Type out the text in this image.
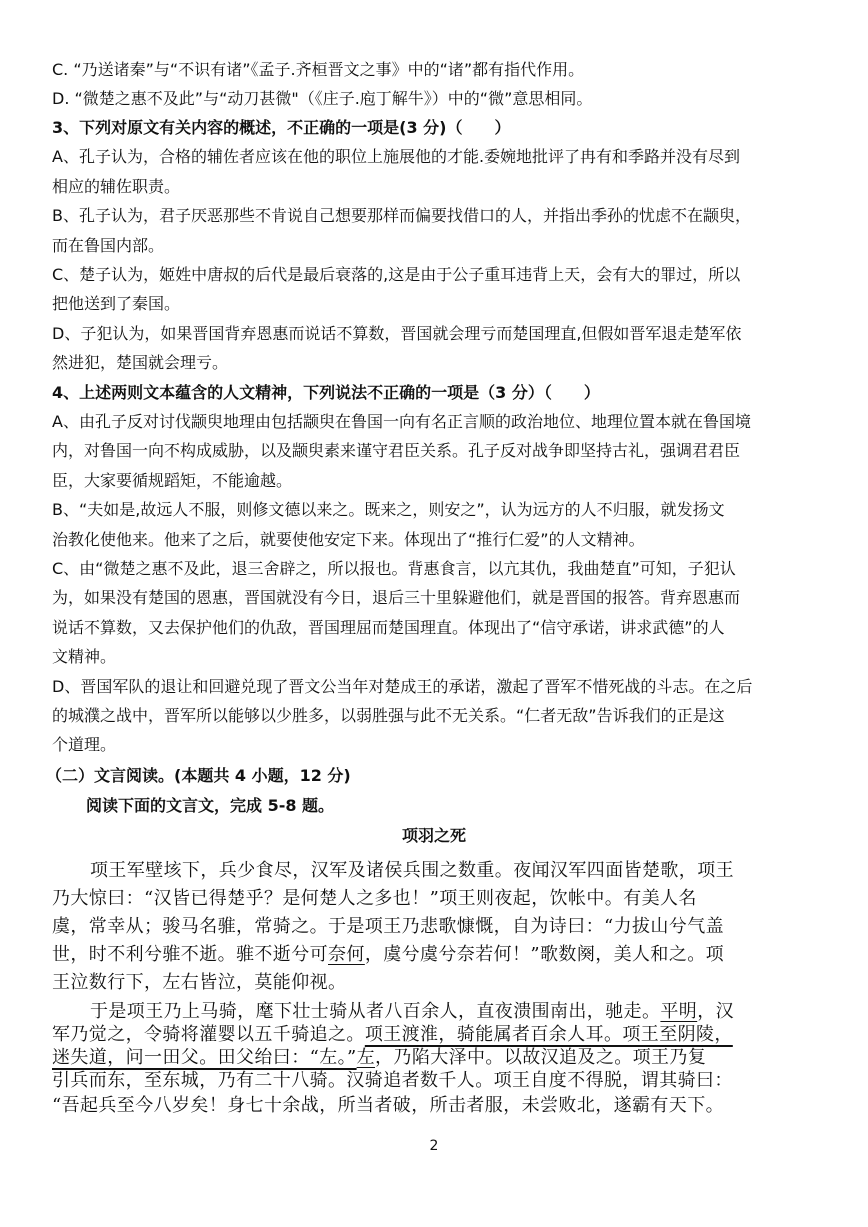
C. “乃送诸秦”与“不识有诸”《孟子.齐桓晋文之事》中的“诸”都有指代作用。
D. “微楚之惠不及此”与“动刀甚微"（《庄子.庖丁解牛》）中的“微”意思相同。
3、下列对原文有关内容的概述，不正确的一项是(3 分)（　　）
A、孔子认为，合格的辅佐者应该在他的职位上施展他的才能.委婉地批评了冉有和季路并没有尽到
相应的辅佐职责。
B、孔子认为，君子厌恶那些不肯说自己想要那样而偏要找借口的人，并指出季孙的忧虑不在颛臾，
而在鲁国内部。
C、楚子认为，姬姓中唐叔的后代是最后衰落的,这是由于公子重耳违背上天，会有大的罪过，所以
把他送到了秦国。
D、子犯认为，如果晋国背弃恩惠而说话不算数，晋国就会理亏而楚国理直,但假如晋军退走楚军依
然进犯，楚国就会理亏。
4、上述两则文本蕴含的人文精神，下列说法不正确的一项是（3 分）（　　）
A、由孔子反对讨伐颛臾地理由包括颛臾在鲁国一向有名正言顺的政治地位、地理位置本就在鲁国境
内，对鲁国一向不构成威胁，以及颛臾素来谨守君臣关系。孔子反对战争即坚持古礼，强调君君臣
臣，大家要循规蹈矩，不能逾越。
B、“夫如是,故远人不服，则修文德以来之。既来之，则安之”，认为远方的人不归服，就发扬文
治教化使他来。他来了之后，就要使他安定下来。体现出了“推行仁爱”的人文精神。
C、由“微楚之惠不及此，退三舍辟之，所以报也。背惠食言，以亢其仇，我曲楚直”可知，子犯认
为，如果没有楚国的恩惠，晋国就没有今日，退后三十里躲避他们，就是晋国的报答。背弃恩惠而
说话不算数，又去保护他们的仇敌，晋国理屈而楚国理直。体现出了“信守承诺，讲求武德”的人
文精神。
D、晋国军队的退让和回避兑现了晋文公当年对楚成王的承诺，激起了晋军不惜死战的斗志。在之后
的城濮之战中，晋军所以能够以少胜多，以弱胜强与此不无关系。“仁者无敌”告诉我们的正是这
个道理。
（二）文言阅读。(本题共 4 小题，12 分)
阅读下面的文言文，完成 5-8 题。
项羽之死
项王军壁垓下，兵少食尽，汉军及诸侯兵围之数重。夜闻汉军四面皆楚歌，项王
乃大惊曰：“汉皆已得楚乎？是何楚人之多也！”项王则夜起，饮帐中。有美人名
虞，常幸从；骏马名骓，常骑之。于是项王乃悲歌慷慨，自为诗曰：“力拔山兮气盖
世，时不利兮骓不逝。骓不逝兮可奈何，虞兮虞兮奈若何！”歌数阕，美人和之。项
王泣数行下，左右皆泣，莫能仰视。
于是项王乃上马骑，麾下壮士骑从者八百余人，直夜溃围南出，驰走。平明，汉
军乃觉之，令骑将灌婴以五千骑追之。项王渡淮，骑能属者百余人耳。项王至阴陵，
迷失道，问一田父。田父绐曰：“左。”左，乃陷大泽中。以故汉追及之。项王乃复
引兵而东，至东城，乃有二十八骑。汉骑追者数千人。项王自度不得脱，谓其骑曰：
2
“吾起兵至今八岁矣！身七十余战，所当者破，所击者服，未尝败北，遂霸有天下。
